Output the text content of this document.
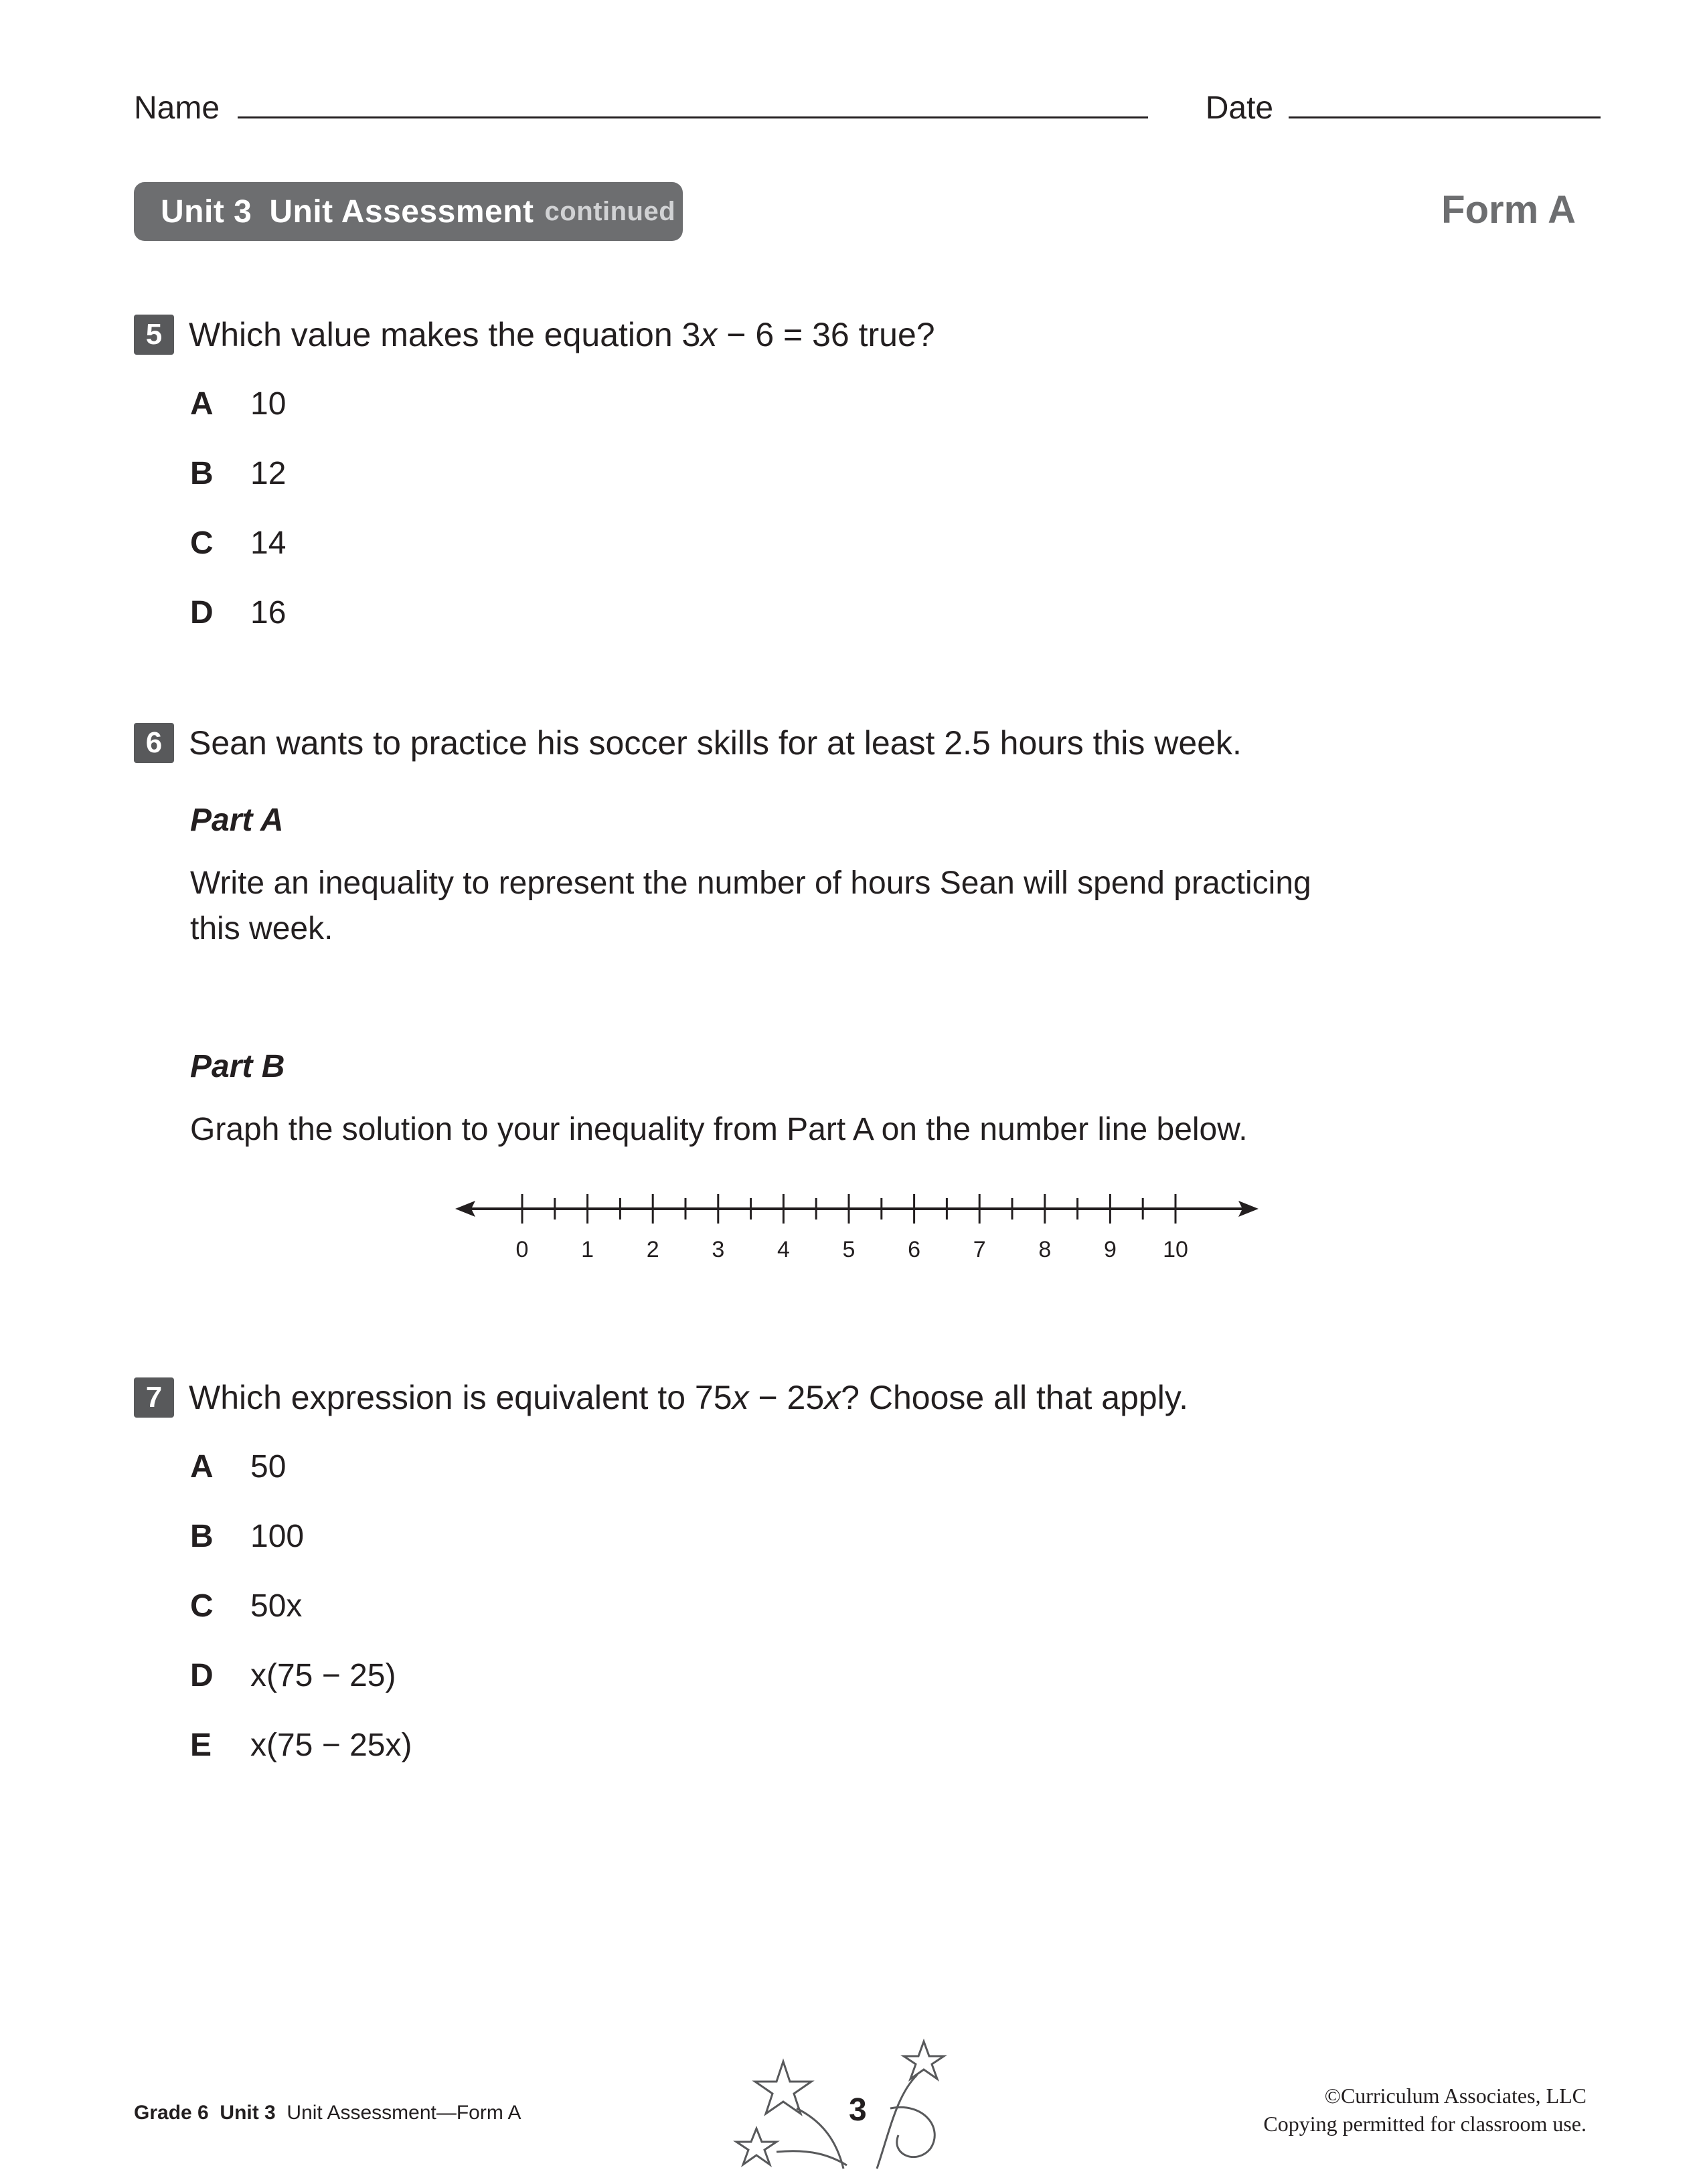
Name	Date
Unit 3 Unit Assessment continued	Form A
5 Which value makes the equation 3x − 6 = 36 true?
A	10
B	12
C	14
D	16
6 Sean wants to practice his soccer skills for at least 2.5 hours this week.
Part A
Write an inequality to represent the number of hours Sean will spend practicing
this week.
Part B
Graph the solution to your inequality from Part A on the number line below.
0 1 2 3 4 5 6 7 8 9 10
7 Which expression is equivalent to 75x − 25x? Choose all that apply.
A	50
B	100
C	50x
D	x(75 − 25)
E	x(75 − 25x)
Grade 6 Unit 3 Unit Assessment—Form A	3	©Curriculum Associates, LLC
Copying permitted for classroom use.
